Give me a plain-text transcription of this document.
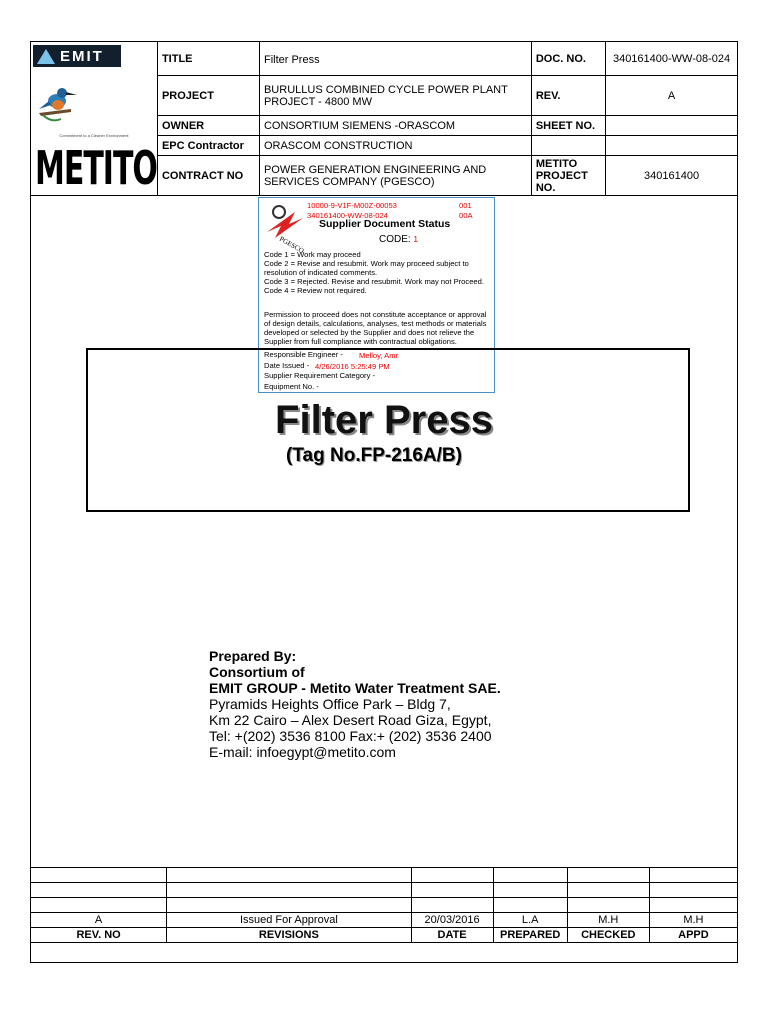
EMIT
Commitment to a Cleaner Environment
METITO	TITLE	Filter Press	DOC. NO.	340161400-WW-08-024
	PROJECT	BURULLUS COMBINED CYCLE POWER PLANT PROJECT - 4800 MW	REV.	A
	OWNER	CONSORTIUM SIEMENS -ORASCOM	SHEET NO.	
	EPC Contractor	ORASCOM CONSTRUCTION		
	CONTRACT NO	POWER GENERATION ENGINEERING AND SERVICES COMPANY (PGESCO)	METITO PROJECT NO.	340161400
PGESCO
10000-9-V1F-M00Z-00053	001
340161400-WW-08-024	00A
Supplier Document Status
CODE: $^1$
Code 1 = Work may proceed
Code 2 = Revise and resubmit. Work may proceed subject to resolution of indicated comments.
Code 3 = Rejected. Revise and resubmit. Work may not Proceed.
Code 4 = Review not required.
Permission to proceed does not constitute acceptance or approval of design details, calculations, analyses, test methods or materials developed or selected by the Supplier and does not relieve the Supplier from full compliance with contractual obligations.
Responsible Engineer - Melloy, Amr
Date Issued - 4/26/2016 5:25:49 PM
Supplier Requirement Category -
Equipment No. -
Filter Press
(Tag No.FP-216A/B)
Prepared By:
Consortium of
EMIT GROUP - Metito Water Treatment SAE.
Pyramids Heights Office Park – Bldg 7,
Km 22 Cairo – Alex Desert Road Giza, Egypt,
Tel: +(202) 3536 8100 Fax:+ (202) 3536 2400
E-mail: infoegypt@metito.com

A	Issued For Approval	20/03/2016	L.A	M.H	M.H
REV. NO	REVISIONS	DATE	PREPARED	CHECKED	APPD
